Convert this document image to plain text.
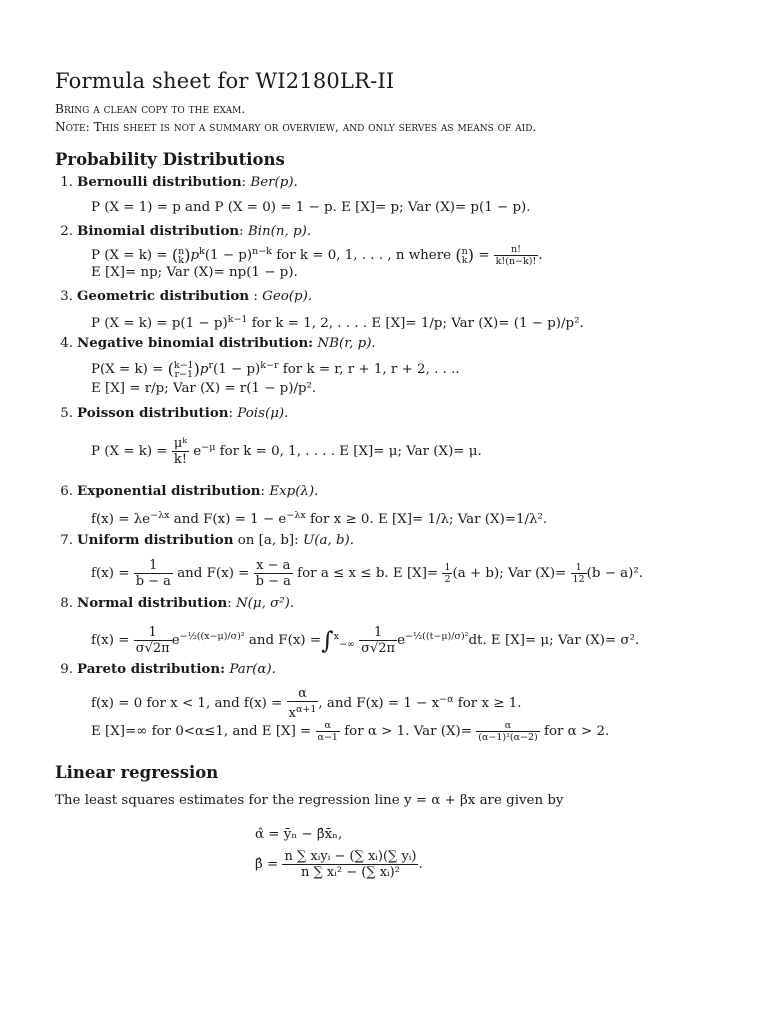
Formula sheet for WI2180LR-II
Bring a clean copy to the exam.
Note: This sheet is not a summary or overview, and only serves as means of aid.
Probability Distributions
1. Bernoulli distribution: Ber(p).
P (X = 1) = p and P (X = 0) = 1 − p. E [X]= p; Var (X)= p(1 − p).
2. Binomial distribution: Bin(n, p).
P (X = k) = (n
$k)p^k(1 - p)^{n-k}$ for k = 0, 1, . . . , n where (n
$k) = \frac{n!}{k!(n-k)!}$ .
E [X]= np; Var (X)= np(1 − p).
3. Geometric distribution : Geo(p).
P $(X = k) = p(1 - p)^{k-1}$ for k = 1, 2, . . . . E [X]= 1/p; Var (X)= (1 − p)/p².
4. Negative binomial distribution: NB(r, p).
P(X = k) = (k−1
$r-1)p^r(1 - p)^{k-r}$ for k = r, r + 1, r + 2, . . ..
E [X] = r/p; Var (X) = r(1 − p)/p².
5. Poisson distribution: Pois(μ).
P $(X = k) = \frac{\text{μᵏ}}{k!} e^{-\mu}$ for k = 0, 1, . . . . E [X]= μ; Var (X)= μ.
6. Exponential distribution: Exp(λ).
$f(x) = \lambda e^{-\lambda x}$ and $F(x) = 1 - e^{-\lambda x}$ for x ≥ 0. E [X]= 1/λ; Var (X)=1/λ².
7. Uniform distribution on [a, b]: U(a, b).
$f(x) = \frac{1}{b - a}$ and $F(x) = \frac{x - a}{b - a}$ for a ≤ x ≤ b. E $[X]= \frac{1}{2} (a + b)$; Var $(X)= \frac{1}{12} (b - a)^2$.
8. Normal distribution: N(μ, σ²).
$f(x) = \frac{1}{\sigma√2\pi} e^{-\frac{1}{2}((x-\mu)/\sigma)^2}$ and $F(x) =\int^x_{-\infty} \frac{1}{\sigma√2\pi} e^{-\frac{1}{2}((t-\mu)/\sigma)^2}dt$. E [X]= μ; Var (X)= σ².
9. Pareto distribution: Par(α).
f(x) = 0 for x < 1, and $f(x) = \frac{\alpha}{x^{\alpha+1}}$ , and $F(x) = 1 - x^{-\alpha}$ for x ≥ 1.
E [X]=∞ for 0<α≤1, and E $[X] = \frac{\alpha}{\alpha-1}$ for α > 1. Var $(X)= \frac{\alpha}{\text{(α−1)²(α−2)}}$ for α > 2.
Linear regression
The least squares estimates for the regression line y = α + βx are given by
α̂ = ȳₙ − β̂x̄ₙ,
β̂ = $\frac{\text{n ∑ xᵢyᵢ − (∑ xᵢ)(∑ yᵢ)}}{\text{n ∑ xᵢ² − (∑ xᵢ)²}}$ .
